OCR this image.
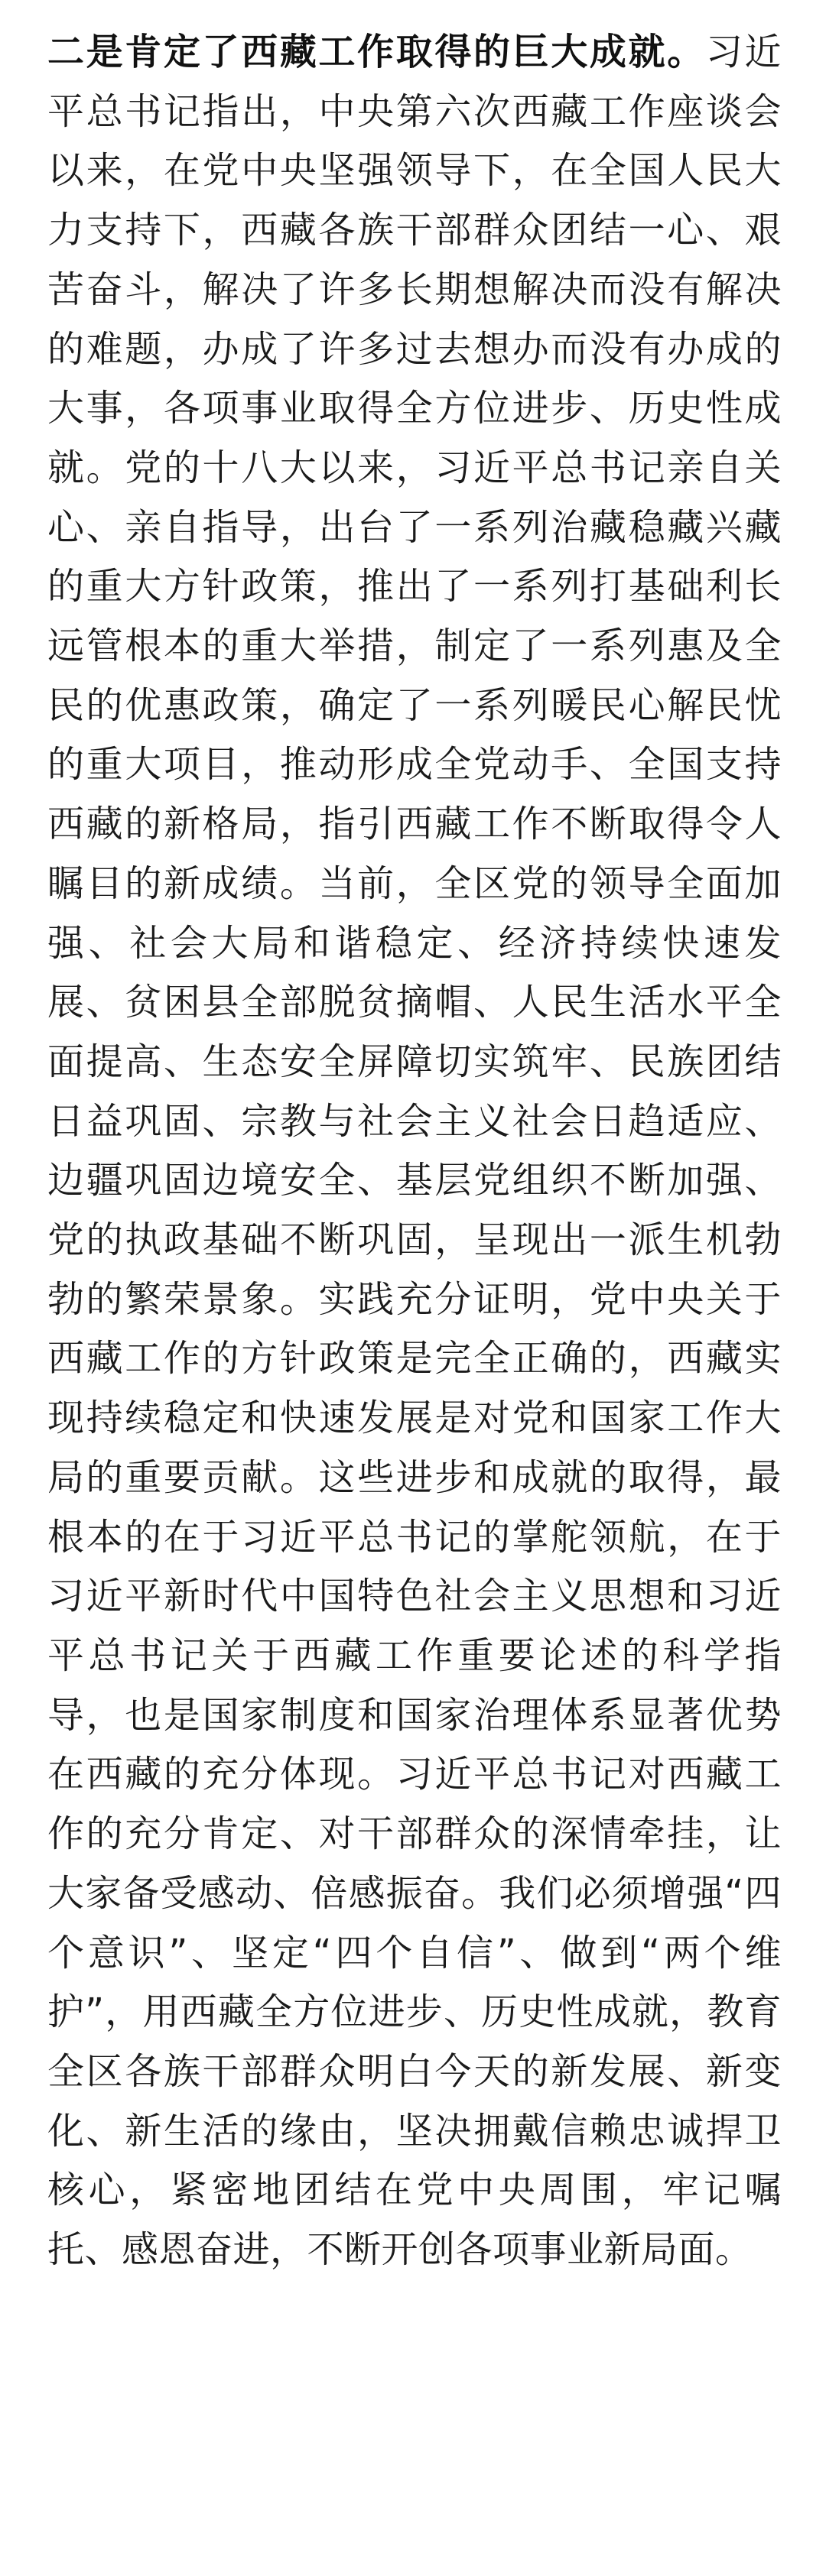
二是肯定了西藏工作取得的巨大成就。习近平总书记指出，中央第六次西藏工作座谈会以来，在党中央坚强领导下，在全国人民大力支持下，西藏各族干部群众团结一心、艰苦奋斗，解决了许多长期想解决而没有解决的难题，办成了许多过去想办而没有办成的大事，各项事业取得全方位进步、历史性成就。党的十八大以来，习近平总书记亲自关心、亲自指导，出台了一系列治藏稳藏兴藏的重大方针政策，推出了一系列打基础利长远管根本的重大举措，制定了一系列惠及全民的优惠政策，确定了一系列暖民心解民忧的重大项目，推动形成全党动手、全国支持西藏的新格局，指引西藏工作不断取得令人瞩目的新成绩。当前，全区党的领导全面加强、社会大局和谐稳定、经济持续快速发展、贫困县全部脱贫摘帽、人民生活水平全面提高、生态安全屏障切实筑牢、民族团结日益巩固、宗教与社会主义社会日趋适应、边疆巩固边境安全、基层党组织不断加强、党的执政基础不断巩固，呈现出一派生机勃勃的繁荣景象。实践充分证明，党中央关于西藏工作的方针政策是完全正确的，西藏实现持续稳定和快速发展是对党和国家工作大局的重要贡献。这些进步和成就的取得，最根本的在于习近平总书记的掌舵领航，在于习近平新时代中国特色社会主义思想和习近平总书记关于西藏工作重要论述的科学指导，也是国家制度和国家治理体系显著优势在西藏的充分体现。习近平总书记对西藏工作的充分肯定、对干部群众的深情牵挂，让大家备受感动、倍感振奋。我们必须增强“四个意识”、坚定“四个自信”、做到“两个维护”，用西藏全方位进步、历史性成就，教育全区各族干部群众明白今天的新发展、新变化、新生活的缘由，坚决拥戴信赖忠诚捍卫核心，紧密地团结在党中央周围，牢记嘱托、感恩奋进，不断开创各项事业新局面。
